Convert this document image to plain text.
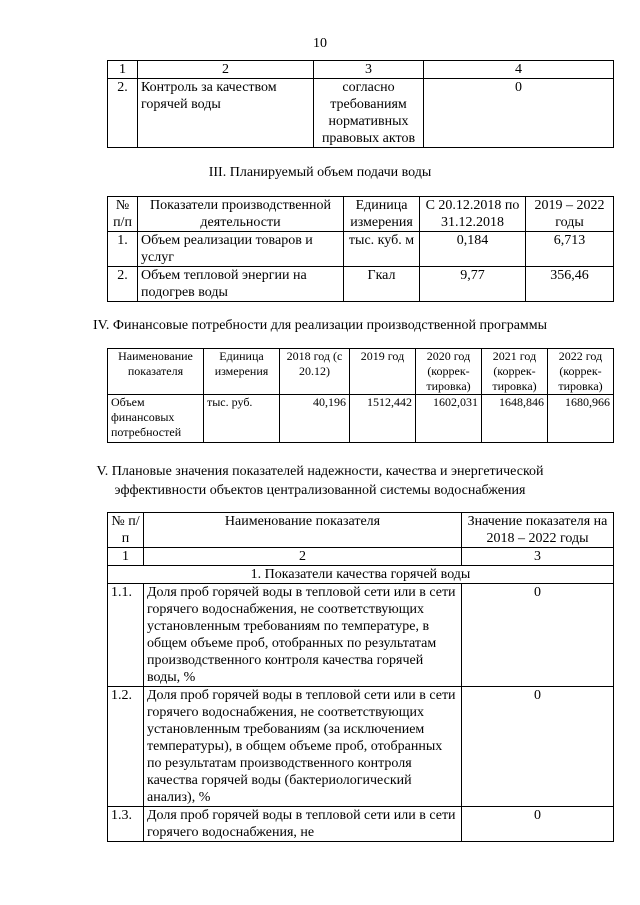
10
1	2	3	4
2.	Контроль за качеством горячей воды	согласно требованиям нормативных правовых актов	0
III. Планируемый объем подачи воды
№ п/п	Показатели производственной деятельности	Единица измерения	С 20.12.2018 по 31.12.2018	2019 – 2022 годы
1.	Объем реализации товаров и услуг	тыс. куб. м	0,184	6,713
2.	Объем тепловой энергии на подогрев воды	Гкал	9,77	356,46
IV. Финансовые потребности для реализации производственной программы
Наименование показателя	Единица измерения	2018 год (с 20.12)	2019 год	2020 год (коррек-тировка)	2021 год (коррек-тировка)	2022 год (коррек-тировка)
Объем финансовых потребностей	тыс. руб.	40,196	1512,442	1602,031	1648,846	1680,966
V. Плановые значения показателей надежности, качества и энергетической
эффективности объектов централизованной системы водоснабжения
№ п/п	Наименование показателя	Значение показателя на 2018 – 2022 годы
1	2	3
1. Показатели качества горячей воды		
1.1.	Доля проб горячей воды в тепловой сети или в сети горячего водоснабжения, не соответствующих установленным требованиям по температуре, в общем объеме проб, отобранных по результатам производственного контроля качества горячей воды, %	0
1.2.	Доля проб горячей воды в тепловой сети или в сети горячего водоснабжения, не соответствующих установленным требованиям (за исключением температуры), в общем объеме проб, отобранных по результатам производственного контроля качества горячей воды (бактериологический анализ), %	0
1.3.	Доля проб горячей воды в тепловой сети или в сети горячего водоснабжения, не	0
